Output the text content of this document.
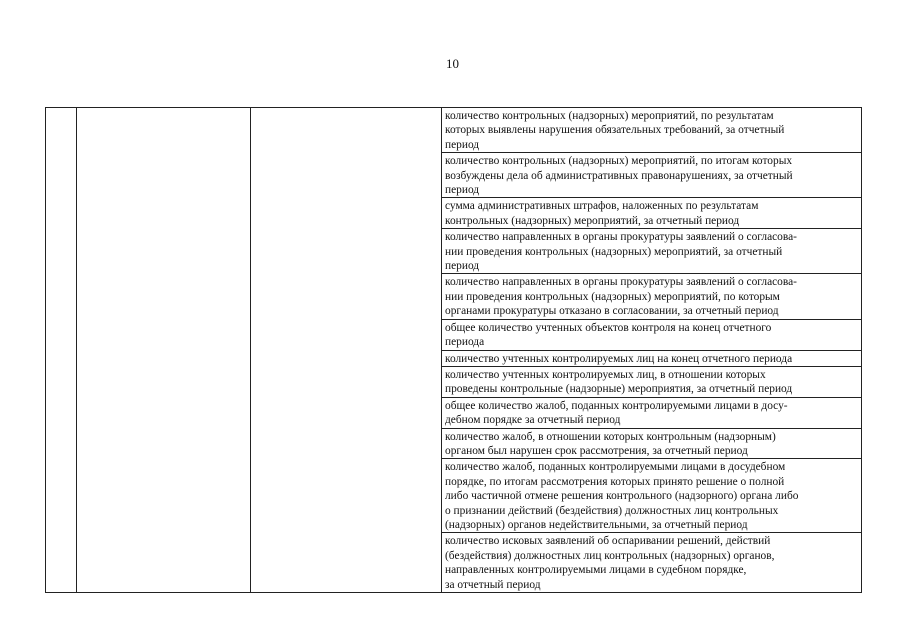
10

количество контрольных (надзорных) мероприятий, по результатам
которых выявлены нарушения обязательных требований, за отчетный
период

количество контрольных (надзорных) мероприятий, по итогам которых
возбуждены дела об административных правонарушениях, за отчетный
период

сумма административных штрафов, наложенных по результатам
контрольных (надзорных) мероприятий, за отчетный период

количество направленных в органы прокуратуры заявлений о согласова-
нии проведения контрольных (надзорных) мероприятий, за отчетный
период

количество направленных в органы прокуратуры заявлений о согласова-
нии проведения контрольных (надзорных) мероприятий, по которым
органами прокуратуры отказано в согласовании, за отчетный период

общее количество учтенных объектов контроля на конец отчетного
периода

количество учтенных контролируемых лиц на конец отчетного периода

количество учтенных контролируемых лиц, в отношении которых
проведены контрольные (надзорные) мероприятия, за отчетный период

общее количество жалоб, поданных контролируемыми лицами в досу-
дебном порядке за отчетный период

количество жалоб, в отношении которых контрольным (надзорным)
органом был нарушен срок рассмотрения, за отчетный период

количество жалоб, поданных контролируемыми лицами в досудебном
порядке, по итогам рассмотрения которых принято решение о полной
либо частичной отмене решения контрольного (надзорного) органа либо
о признании действий (бездействия) должностных лиц контрольных
(надзорных) органов недействительными, за отчетный период

количество исковых заявлений об оспаривании решений, действий
(бездействия) должностных лиц контрольных (надзорных) органов,
направленных контролируемыми лицами в судебном порядке,
за отчетный период
